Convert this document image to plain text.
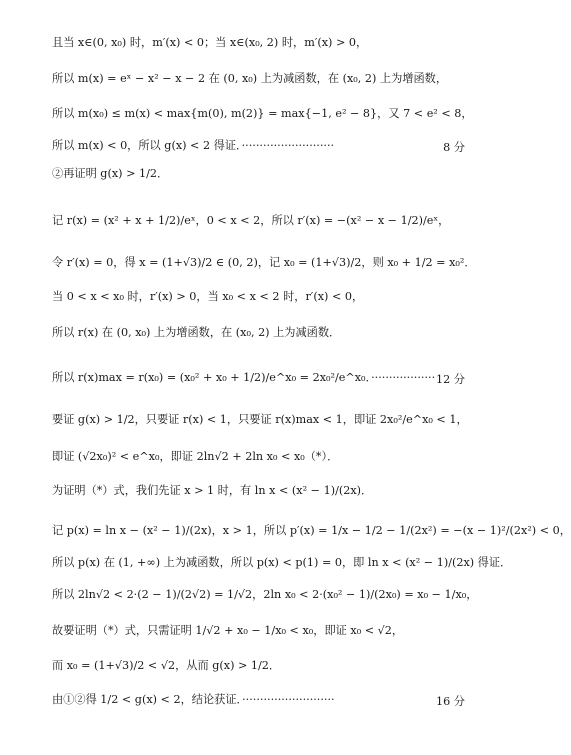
且当 x∈(0, x₀) 时，m′(x) < 0；当 x∈(x₀, 2) 时，m′(x) > 0，
所以 m(x) = eˣ − x² − x − 2 在 (0, x₀) 上为减函数，在 (x₀, 2) 上为增函数，
所以 m(x₀) ≤ m(x) < max{m(0), m(2)} = max{−1, e² − 8}，又 7 < e² < 8，
所以 m(x) < 0，所以 g(x) < 2 得证．··························	8 分
②再证明 g(x) > 1/2．
记 r(x) = (x² + x + 1/2)/eˣ，0 < x < 2，所以 r′(x) = −(x² − x − 1/2)/eˣ，
令 r′(x) = 0，得 x = (1+√3)/2 ∈ (0, 2)，记 x₀ = (1+√3)/2，则 x₀ + 1/2 = x₀²．
当 0 < x < x₀ 时，r′(x) > 0，当 x₀ < x < 2 时，r′(x) < 0，
所以 r(x) 在 (0, x₀) 上为增函数，在 (x₀, 2) 上为减函数．
所以 r(x)max = r(x₀) = (x₀² + x₀ + 1/2)/e^x₀ = 2x₀²/e^x₀．·················· 12 分
要证 g(x) > 1/2，只要证 r(x) < 1，只要证 r(x)max < 1，即证 2x₀²/e^x₀ < 1，
即证 (√2x₀)² < e^x₀，即证 2ln√2 + 2ln x₀ < x₀（*）．
为证明（*）式，我们先证 x > 1 时，有 ln x < (x² − 1)/(2x)．
记 p(x) = ln x − (x² − 1)/(2x)，x > 1，所以 p′(x) = 1/x − 1/2 − 1/(2x²) = −(x − 1)²/(2x²) < 0，
所以 p(x) 在 (1, +∞) 上为减函数，所以 p(x) < p(1) = 0，即 ln x < (x² − 1)/(2x) 得证．
所以 2ln√2 < 2·(2 − 1)/(2√2) = 1/√2，2ln x₀ < 2·(x₀² − 1)/(2x₀) = x₀ − 1/x₀，
故要证明（*）式，只需证明 1/√2 + x₀ − 1/x₀ < x₀，即证 x₀ < √2，
而 x₀ = (1+√3)/2 < √2，从而 g(x) > 1/2．
由①②得 1/2 < g(x) < 2，结论获证．··························	16 分
